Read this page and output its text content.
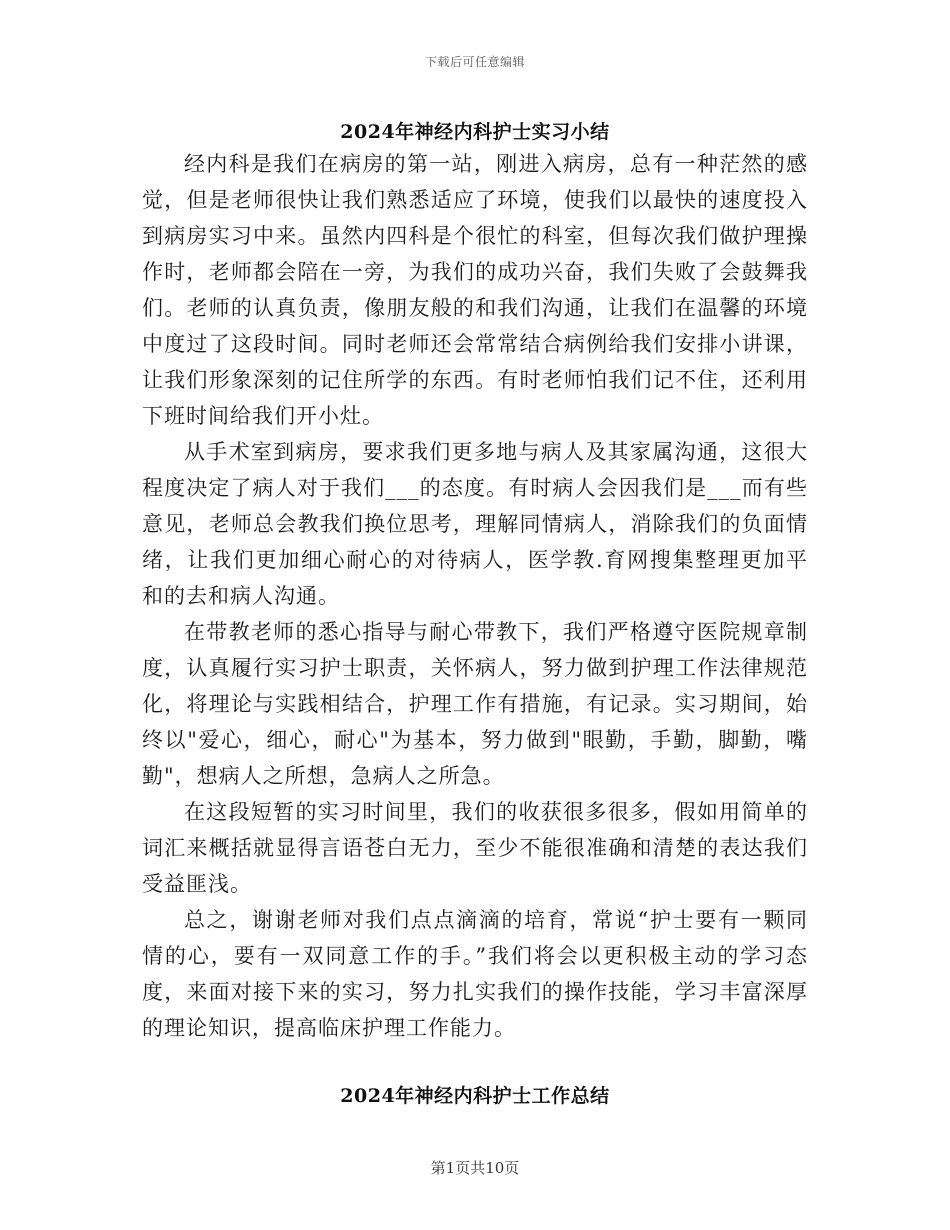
下载后可任意编辑
2024年神经内科护士实习小结

经内科是我们在病房的第一站，刚进入病房，总有一种茫然的感觉，但是老师很快让我们熟悉适应了环境，使我们以最快的速度投入到病房实习中来。虽然内四科是个很忙的科室，但每次我们做护理操作时，老师都会陪在一旁，为我们的成功兴奋，我们失败了会鼓舞我们。老师的认真负责，像朋友般的和我们沟通，让我们在温馨的环境中度过了这段时间。同时老师还会常常结合病例给我们安排小讲课，让我们形象深刻的记住所学的东西。有时老师怕我们记不住，还利用下班时间给我们开小灶。

从手术室到病房，要求我们更多地与病人及其家属沟通，这很大程度决定了病人对于我们___的态度。有时病人会因我们是___而有些意见，老师总会教我们换位思考，理解同情病人，消除我们的负面情绪，让我们更加细心耐心的对待病人，医学教.育网搜集整理更加平和的去和病人沟通。

在带教老师的悉心指导与耐心带教下，我们严格遵守医院规章制度，认真履行实习护士职责，关怀病人，努力做到护理工作法律规范化，将理论与实践相结合，护理工作有措施，有记录。实习期间，始终以"爱心，细心，耐心"为基本，努力做到"眼勤，手勤，脚勤，嘴勤"，想病人之所想，急病人之所急。

在这段短暂的实习时间里，我们的收获很多很多，假如用简单的词汇来概括就显得言语苍白无力，至少不能很准确和清楚的表达我们受益匪浅。

总之，谢谢老师对我们点点滴滴的培育，常说“护士要有一颗同情的心，要有一双同意工作的手。”我们将会以更积极主动的学习态度，来面对接下来的实习，努力扎实我们的操作技能，学习丰富深厚的理论知识，提高临床护理工作能力。

2024年神经内科护士工作总结
第1页共10页
